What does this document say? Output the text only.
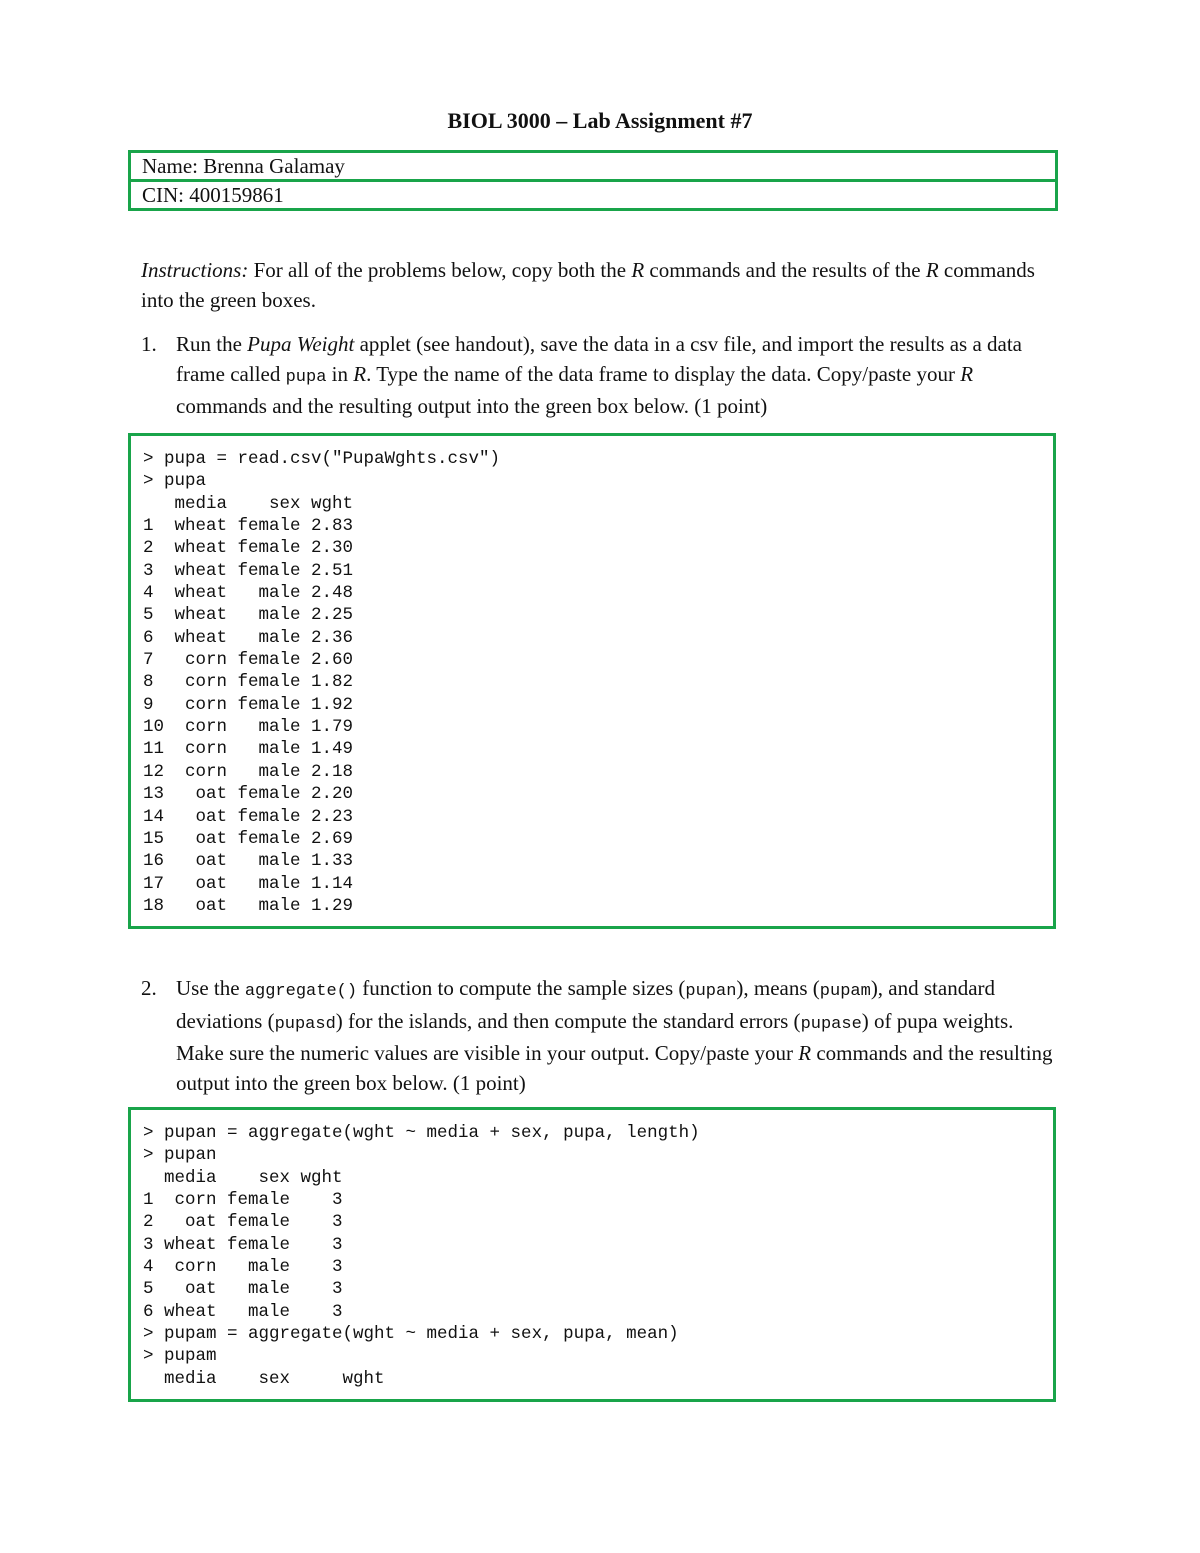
BIOL 3000 – Lab Assignment #7
Name: Brenna Galamay
CIN: 400159861
Instructions: For all of the problems below, copy both the R commands and the results of the R commands into the green boxes.
1. Run the Pupa Weight applet (see handout), save the data in a csv file, and import the results as a data frame called pupa in R. Type the name of the data frame to display the data. Copy/paste your R commands and the resulting output into the green box below. (1 point)
> pupa = read.csv("PupaWghts.csv")
> pupa
media    sex wght
1  wheat female 2.83
2  wheat female 2.30
3  wheat female 2.51
4  wheat   male 2.48
5  wheat   male 2.25
6  wheat   male 2.36
7   corn female 2.60
8   corn female 1.82
9   corn female 1.92
10  corn   male 1.79
11  corn   male 1.49
12  corn   male 2.18
13   oat female 2.20
14   oat female 2.23
15   oat female 2.69
16   oat   male 1.33
17   oat   male 1.14
18   oat   male 1.29
2. Use the aggregate() function to compute the sample sizes (pupan), means (pupam), and standard deviations (pupasd) for the islands, and then compute the standard errors (pupase) of pupa weights. Make sure the numeric values are visible in your output. Copy/paste your R commands and the resulting output into the green box below. (1 point)
> pupan = aggregate(wght ~ media + sex, pupa, length)
> pupan
media    sex wght
1  corn female    3
2   oat female    3
3 wheat female    3
4  corn   male    3
5   oat   male    3
6 wheat   male    3
> pupam = aggregate(wght ~ media + sex, pupa, mean)
> pupam
media    sex     wght
